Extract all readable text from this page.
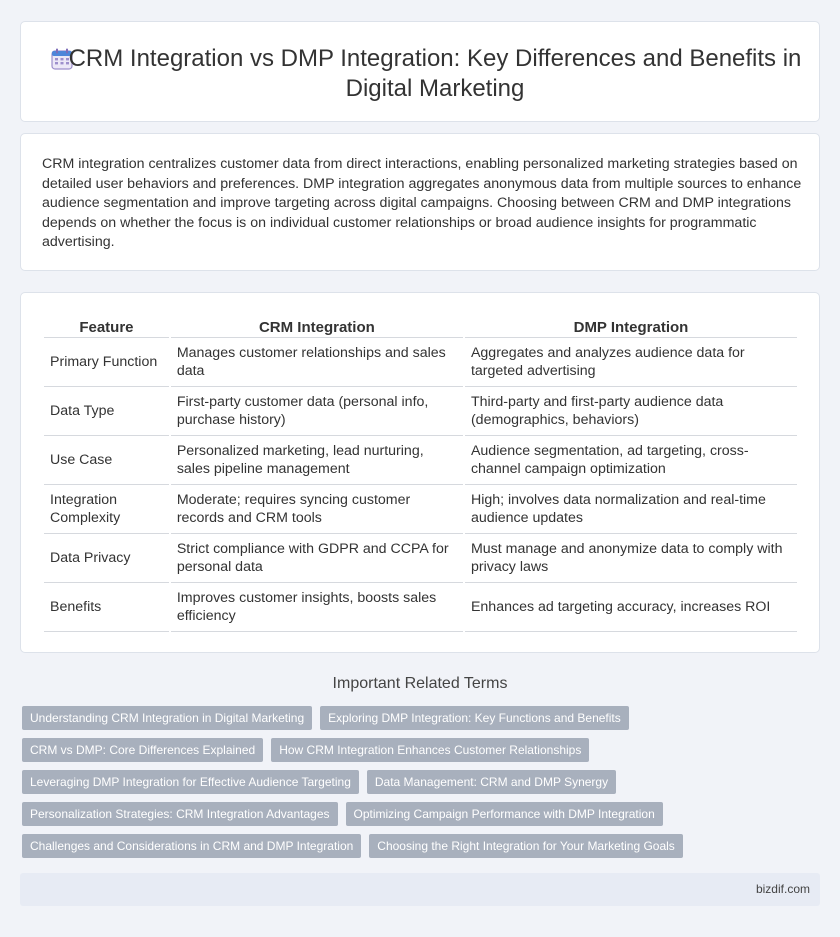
CRM Integration vs DMP Integration: Key Differences and Benefits in Digital Marketing

CRM integration centralizes customer data from direct interactions, enabling personalized marketing strategies based on detailed user behaviors and preferences. DMP integration aggregates anonymous data from multiple sources to enhance audience segmentation and improve targeting across digital campaigns. Choosing between CRM and DMP integrations depends on whether the focus is on individual customer relationships or broad audience insights for programmatic advertising.

Feature	CRM Integration	DMP Integration
Primary Function	Manages customer relationships and sales data	Aggregates and analyzes audience data for targeted advertising
Data Type	First-party customer data (personal info, purchase history)	Third-party and first-party audience data (demographics, behaviors)
Use Case	Personalized marketing, lead nurturing, sales pipeline management	Audience segmentation, ad targeting, cross-channel campaign optimization
Integration Complexity	Moderate; requires syncing customer records and CRM tools	High; involves data normalization and real-time audience updates
Data Privacy	Strict compliance with GDPR and CCPA for personal data	Must manage and anonymize data to comply with privacy laws
Benefits	Improves customer insights, boosts sales efficiency	Enhances ad targeting accuracy, increases ROI
Important Related Terms
Understanding CRM Integration in Digital Marketing	Exploring DMP Integration: Key Functions and Benefits
CRM vs DMP: Core Differences Explained	How CRM Integration Enhances Customer Relationships
Leveraging DMP Integration for Effective Audience Targeting	Data Management: CRM and DMP Synergy
Personalization Strategies: CRM Integration Advantages	Optimizing Campaign Performance with DMP Integration
Challenges and Considerations in CRM and DMP Integration	Choosing the Right Integration for Your Marketing Goals
bizdif.com
